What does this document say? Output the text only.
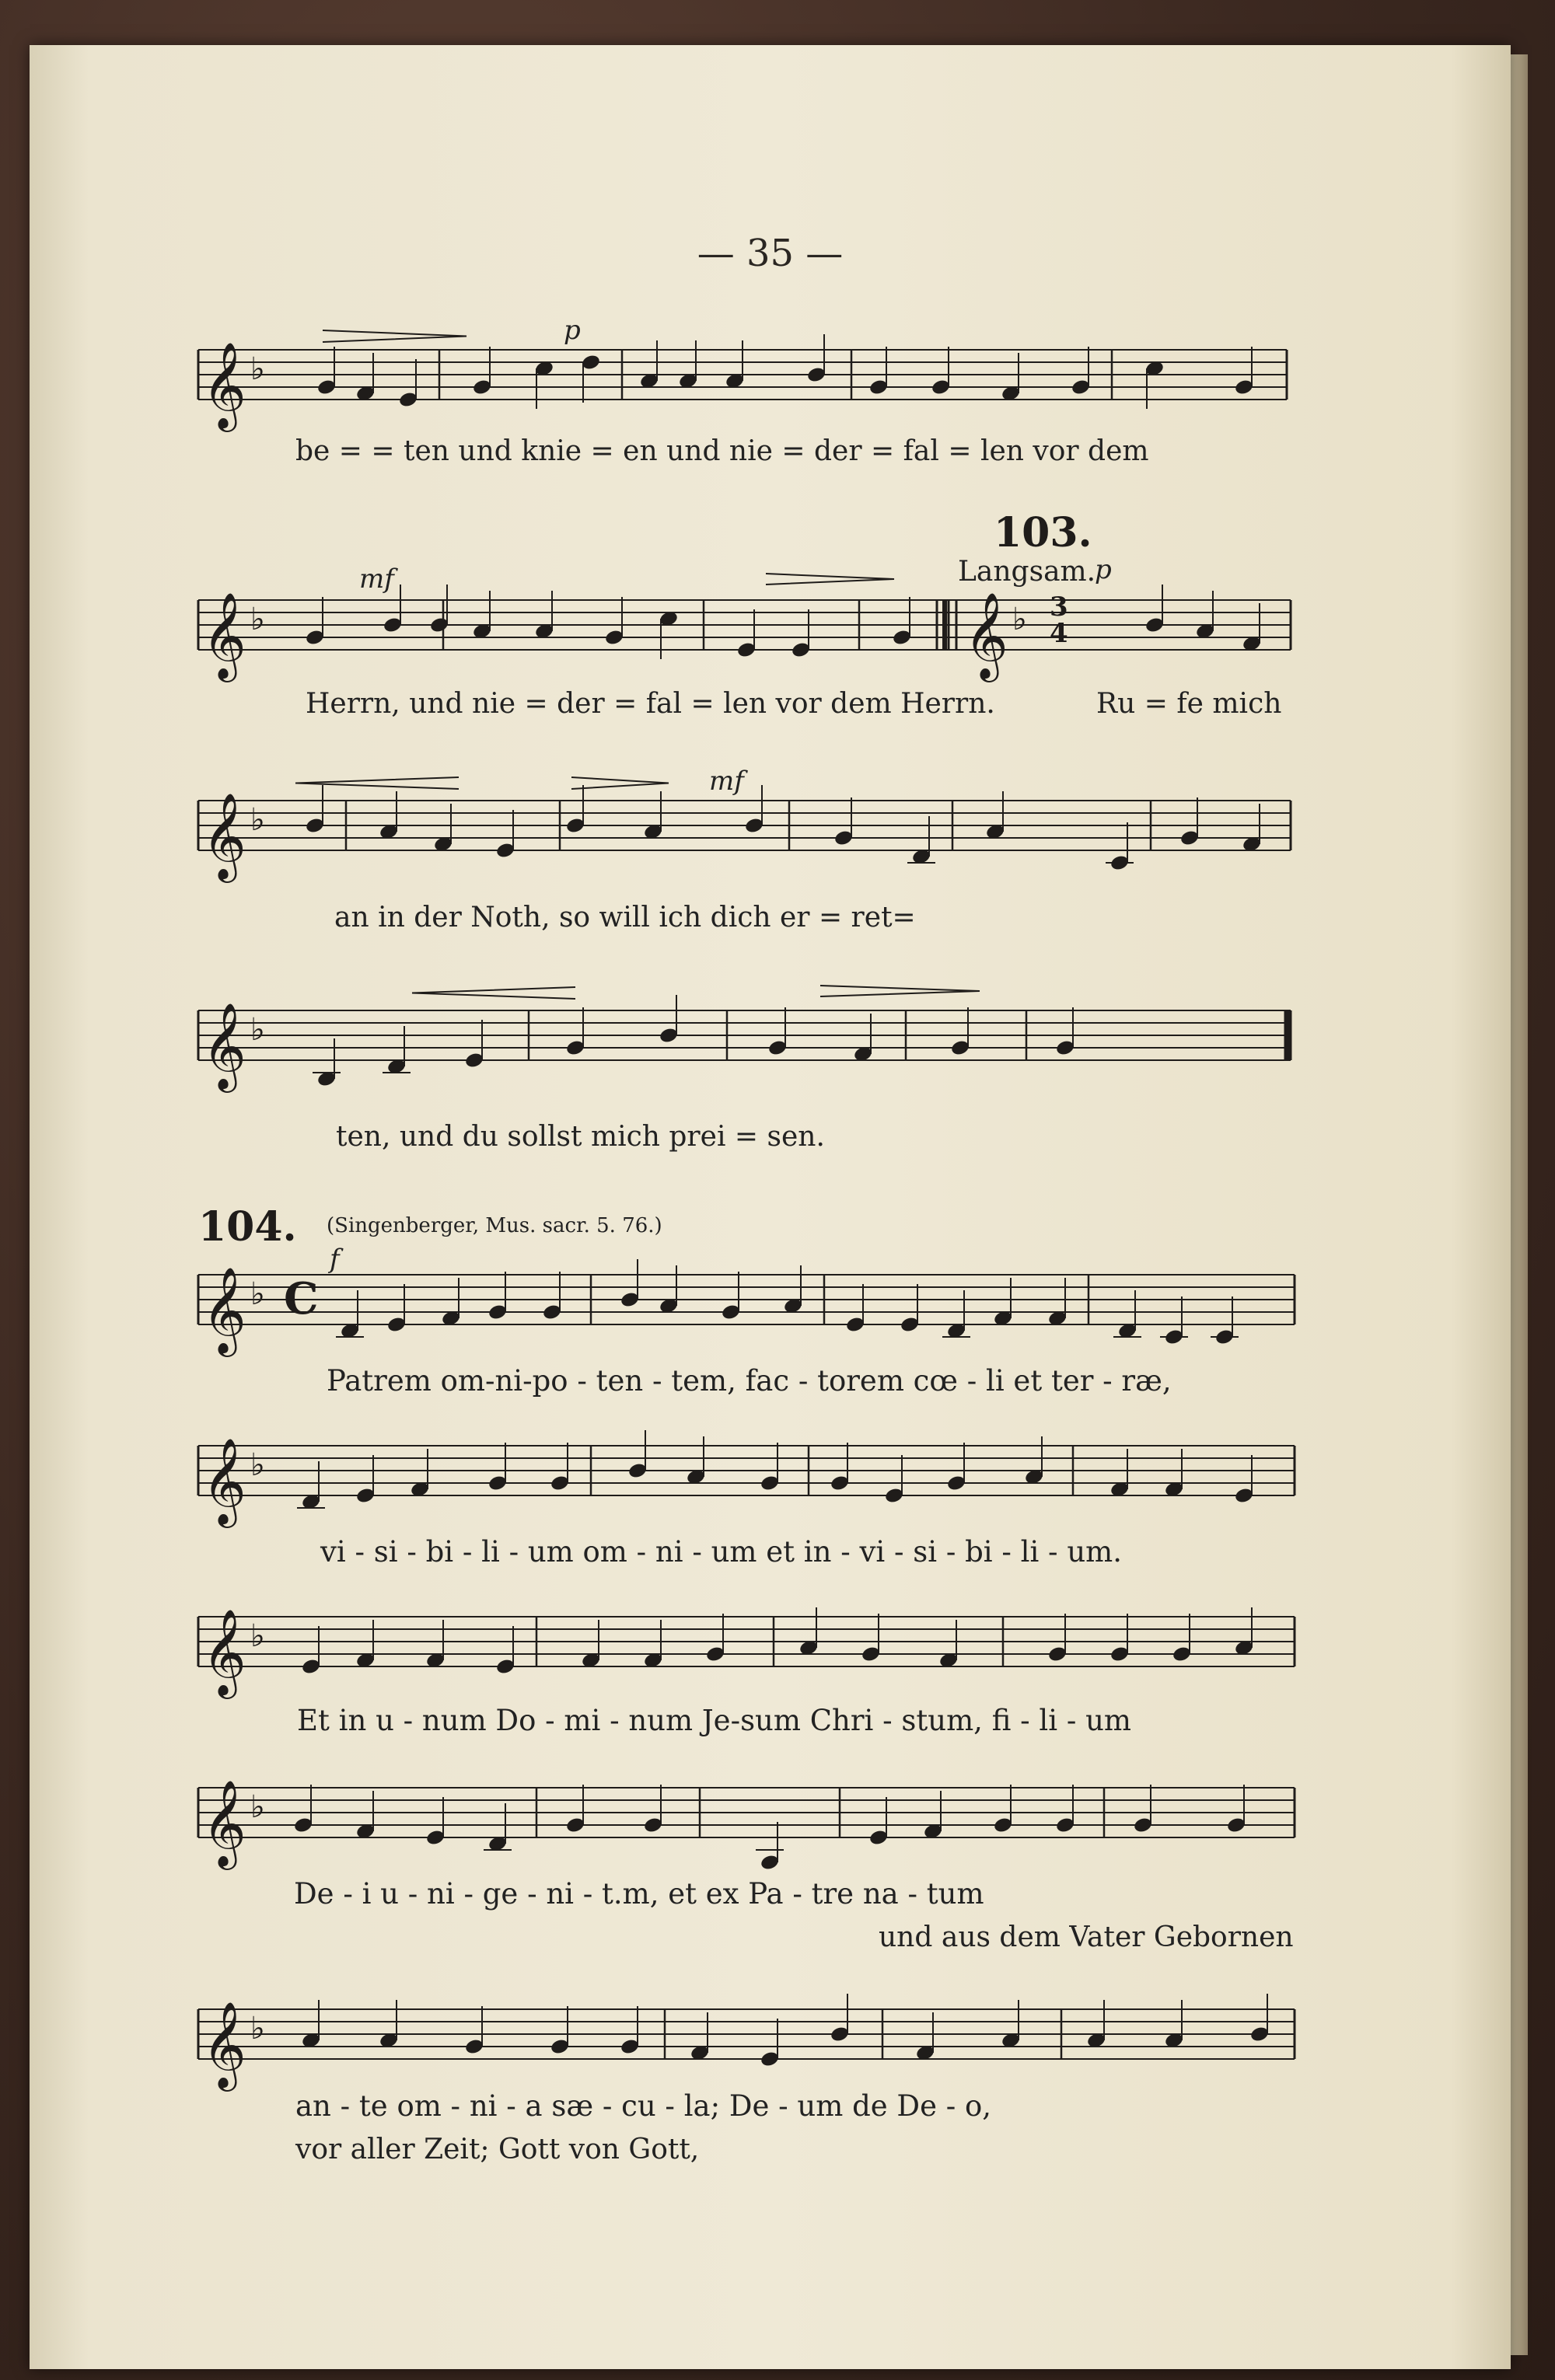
— 35 —
𝄞 ♭
𝄞 ♭	𝄞 ♭
𝄞 ♭
𝄞 ♭
𝄞 ♭
𝄞 ♭
𝄞 ♭
𝄞 ♭
𝄞 ♭
3
4
C
p
be = = ten und knie = en und nie = der = fal = len vor dem
103.
Langsam.
p
mf
Herrn, und nie = der = fal = len vor dem Herrn.	Ru = fe mich
mf
an in der Noth, so will ich dich er = ret=
ten, und du sollst mich prei = sen.
104. (Singenberger, Mus. sacr. 5. 76.)
f
Patrem om-ni-po - ten - tem, fac - torem cœ - li et ter - ræ,
vi - si - bi - li - um om - ni - um et in - vi - si - bi - li - um.
Et in u - num Do - mi - num Je-sum Chri - stum, fi - li - um
De - i u - ni - ge - ni - t.m, et ex Pa - tre na - tum
und aus dem Vater Gebornen
an - te om - ni - a sæ - cu - la; De - um de De - o,
vor aller Zeit; Gott von Gott,
